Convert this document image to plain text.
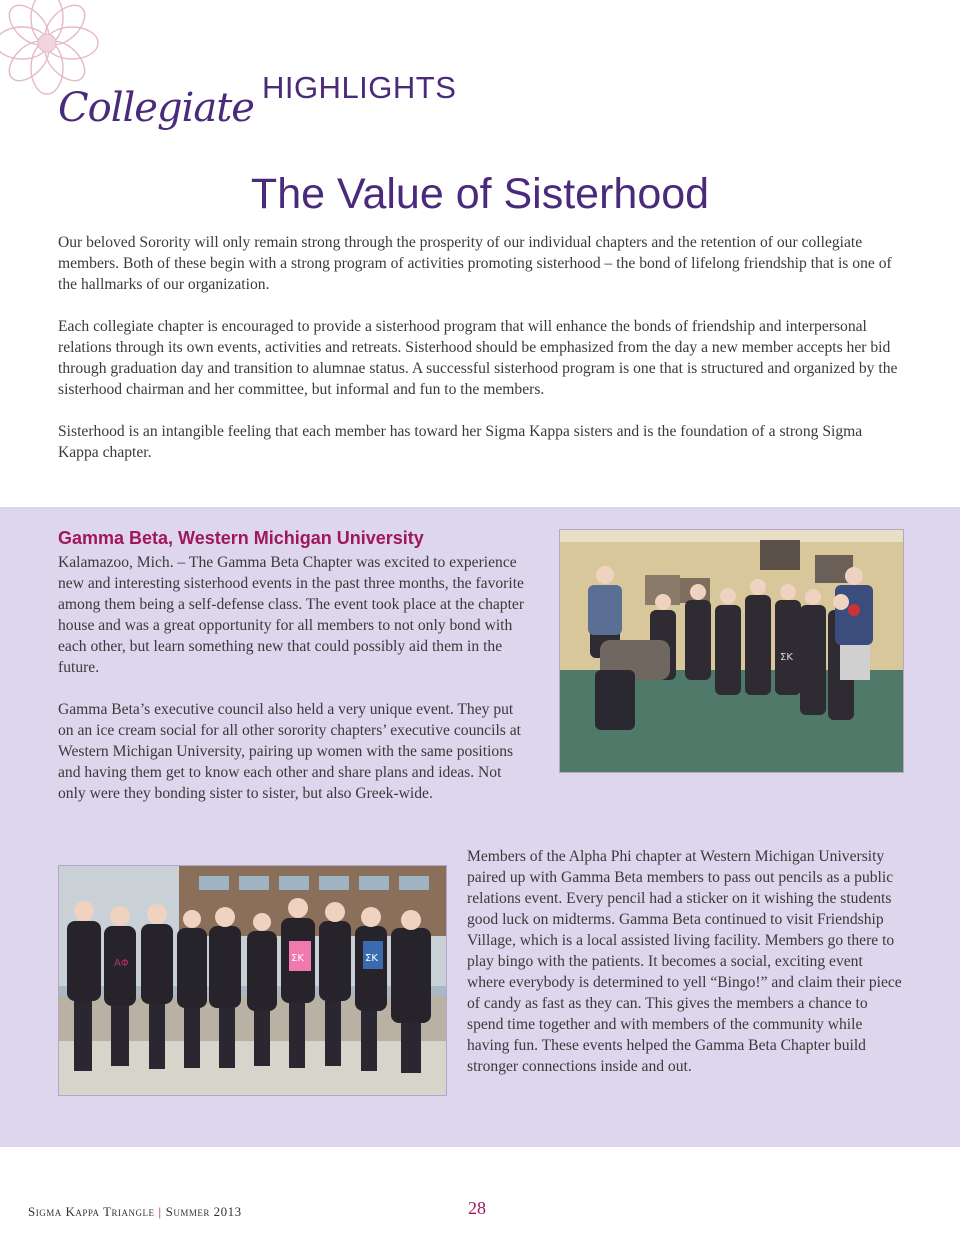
Collegiate HIGHLIGHTS
The Value of Sisterhood

Our beloved Sorority will only remain strong through the prosperity of our individual chapters and the retention of our collegiate members. Both of these begin with a strong program of activities promoting sisterhood – the bond of lifelong friendship that is one of the hallmarks of our organization.

Each collegiate chapter is encouraged to provide a sisterhood program that will enhance the bonds of friendship and interpersonal relations through its own events, activities and retreats. Sisterhood should be emphasized from the day a new member accepts her bid through graduation day and transition to alumnae status. A successful sisterhood program is one that is structured and organized by the sisterhood chairman and her committee, but informal and fun to the members.

Sisterhood is an intangible feeling that each member has toward her Sigma Kappa sisters and is the foundation of a strong Sigma Kappa chapter.

Gamma Beta, Western Michigan University

Kalamazoo, Mich. – The Gamma Beta Chapter was excited to experience new and interesting sisterhood events in the past three months, the favorite among them being a self-defense class. The event took place at the chapter house and was a great opportunity for all members to not only bond with each other, but learn something new that could possibly aid them in the future.

Gamma Beta’s executive council also held a very unique event. They put on an ice cream social for all other sorority chapters’ executive councils at Western Michigan University, pairing up women with the same positions and having them get to know each other and share plans and ideas. Not only were they bonding sister to sister, but also Greek-wide.

ΣΚ
AΦ	ΣΚ	ΣΚ

Members of the Alpha Phi chapter at Western Michigan University paired up with Gamma Beta members to pass out pencils as a public relations event. Every pencil had a sticker on it wishing the students good luck on midterms. Gamma Beta continued to visit Friendship Village, which is a local assisted living facility. Members go there to play bingo with the patients. It becomes a social, exciting event where everybody is determined to yell “Bingo!” and claim their piece of candy as fast as they can. This gives the members a chance to spend time together and with members of the community while having fun. These events helped the Gamma Beta Chapter build stronger connections inside and out.

Sigma Kappa Triangle | Summer 2013	28
